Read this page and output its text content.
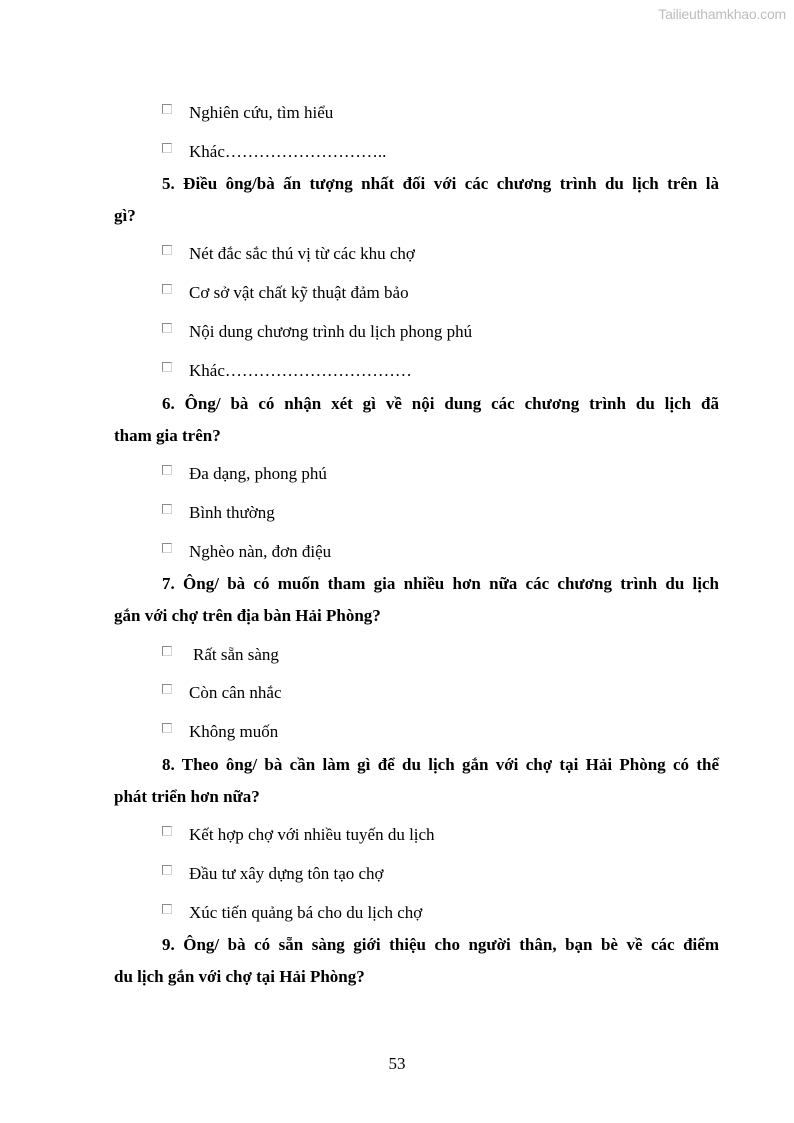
Tailieuthamkhao.com
Nghiên cứu, tìm hiểu
Khác………………………..
5. Điều ông/bà ấn tượng nhất đối với các chương trình du lịch trên là
gì?
Nét đắc sắc thú vị từ các khu chợ
Cơ sở vật chất kỹ thuật đảm bảo
Nội dung chương trình du lịch phong phú
Khác……………………………
6. Ông/ bà có nhận xét gì về nội dung các chương trình du lịch đã
tham gia trên?
Đa dạng, phong phú
Bình thường
Nghèo nàn, đơn điệu
7. Ông/ bà có muốn tham gia nhiều hơn nữa các chương trình du lịch
gắn với chợ trên địa bàn Hải Phòng?
Rất sẵn sàng
Còn cân nhắc
Không muốn
8. Theo ông/ bà cần làm gì để du lịch gắn với chợ tại Hải Phòng có thể
phát triển hơn nữa?
Kết hợp chợ với nhiều tuyến du lịch
Đầu tư xây dựng tôn tạo chợ
Xúc tiến quảng bá cho du lịch chợ
9. Ông/ bà có sẵn sàng giới thiệu cho người thân, bạn bè về các điểm
du lịch gắn với chợ tại Hải Phòng?
53
